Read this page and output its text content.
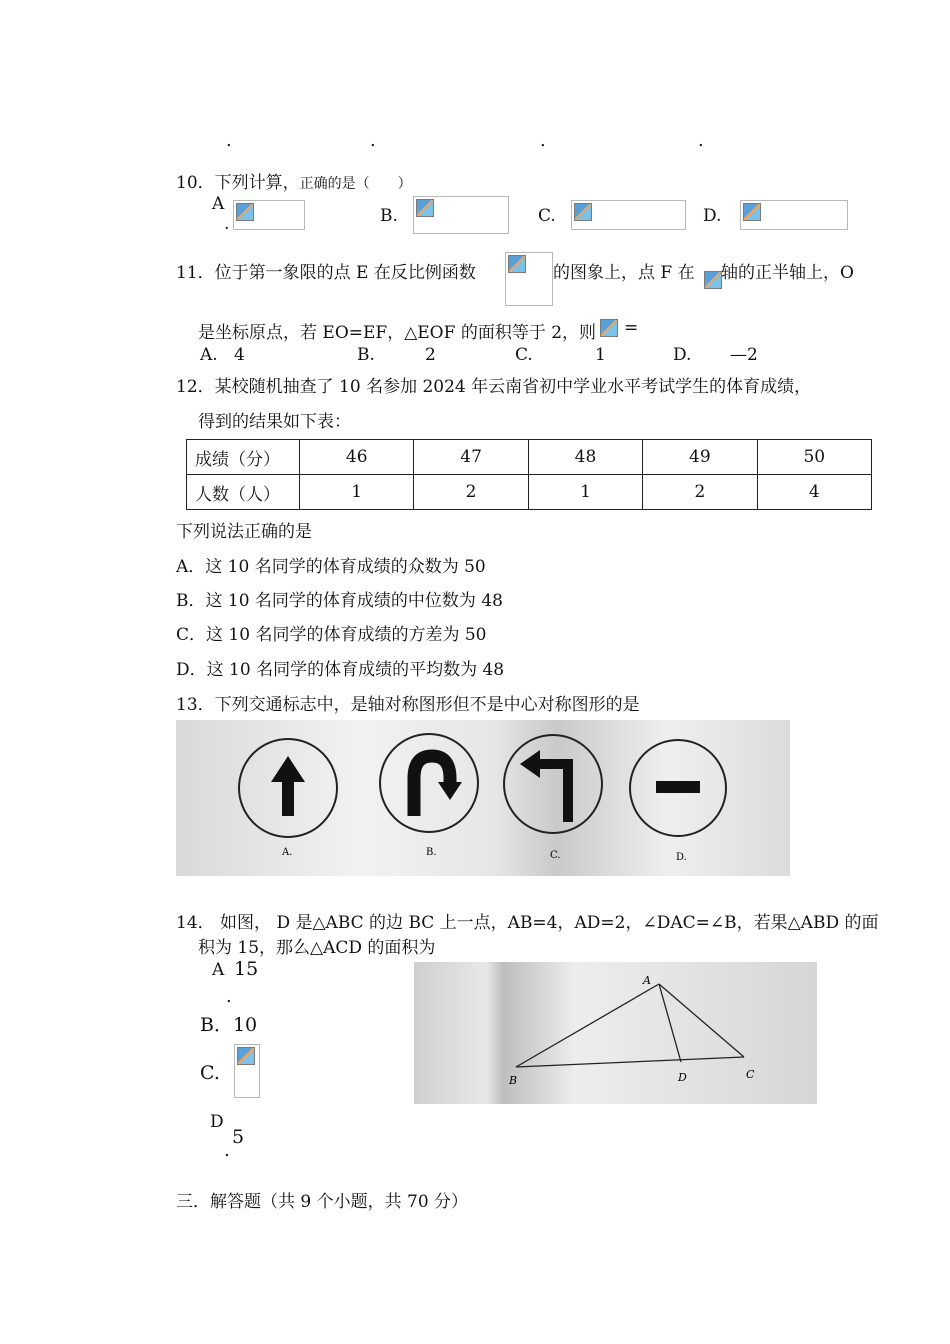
.	.	.	.
10．下列计算，正确的是（　　）
A
.	B.	C.	D.
11．位于第一象限的点 E 在反比例函数	的图象上，点 F 在 轴的正半轴上，O
是坐标原点，若 EO=EF，△EOF 的面积等于 2，则 =
A. 4	B.	2	C.	1	D. —2
12．某校随机抽查了 10 名参加 2024 年云南省初中学业水平考试学生的体育成绩，
得到的结果如下表：
成绩（分）	46	47	48	49	50
人数（人）	1	2	1	2	4
下列说法正确的是
A．这 10 名同学的体育成绩的众数为 50
B．这 10 名同学的体育成绩的中位数为 48
C．这 10 名同学的体育成绩的方差为 50
D．这 10 名同学的体育成绩的平均数为 48
13．下列交通标志中，是轴对称图形但不是中心对称图形的是
A.	B.	C.	D.
14． 如图， D 是△ABC 的边 BC 上一点，AB=4，AD=2，∠DAC=∠B，若果△ABD 的面
积为 15，那么△ACD 的面积为
A 15
.
B．10
C.
D
5
.
A
B	D	C
三．解答题（共 9 个小题，共 70 分）
